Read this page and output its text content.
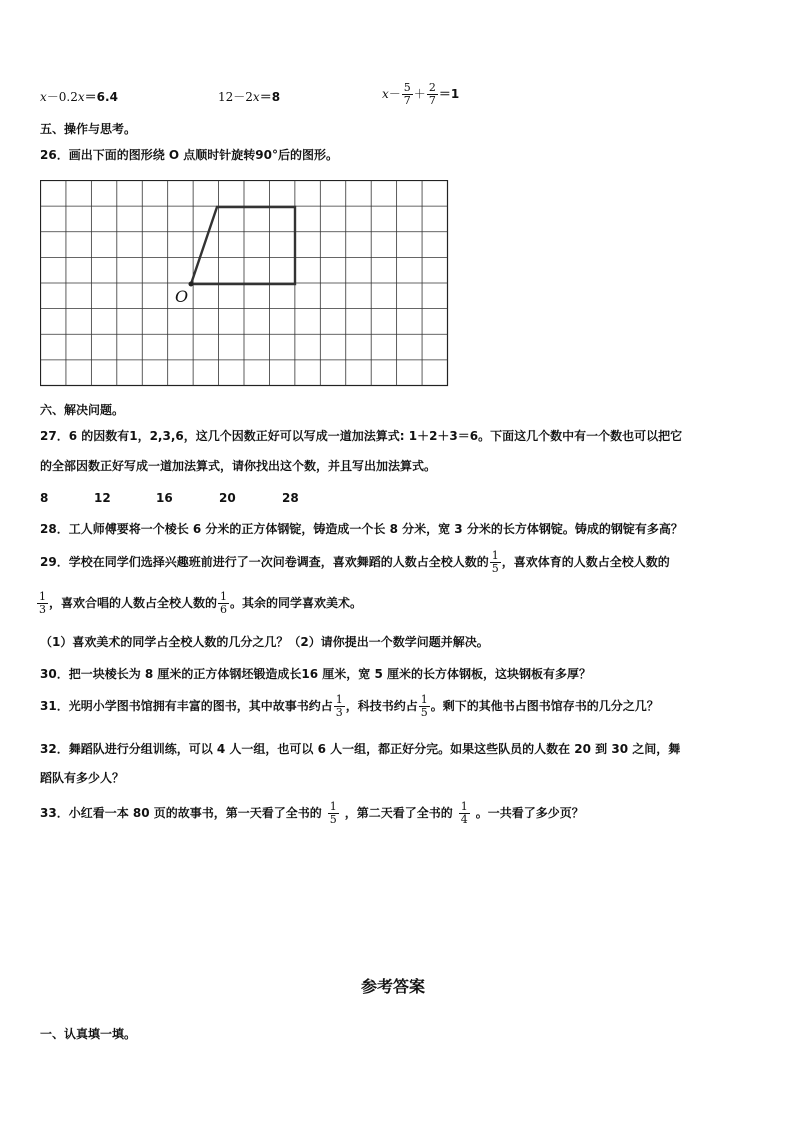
x－0.2x＝6.4	12－2x＝8	$x- \frac{5}{7} + \frac{2}{7} =1$
五、操作与思考。
26．画出下面的图形绕 O 点顺时针旋转90°后的图形。
O
六、解决问题。
27．6 的因数有1，2,3,6，这几个因数正好可以写成一道加法算式: 1＋2＋3＝6。下面这几个数中有一个数也可以把它
的全部因数正好写成一道加法算式，请你找出这个数，并且写出加法算式。
8	12	16	20	28
28．工人师傅要将一个棱长 6 分米的正方体钢锭，铸造成一个长 8 分米，宽 3 分米的长方体钢锭。铸成的钢锭有多高？
29．学校在同学们选择兴趣班前进行了一次问卷调查，喜欢舞蹈的人数占全校人数的 $\frac{1}{5}$ ，喜欢体育的人数占全校人数的
$\frac{1}{3}$ ，喜欢合唱的人数占全校人数的 $\frac{1}{6}$ 。其余的同学喜欢美术。
（1）喜欢美术的同学占全校人数的几分之几？（2）请你提出一个数学问题并解决。
30．把一块棱长为 8 厘米的正方体钢坯锻造成长16 厘米，宽 5 厘米的长方体钢板，这块钢板有多厚？
31．光明小学图书馆拥有丰富的图书，其中故事书约占 $\frac{1}{3}$ ，科技书约占 $\frac{1}{5}$ 。剩下的其他书占图书馆存书的几分之几？
32．舞蹈队进行分组训练，可以 4 人一组，也可以 6 人一组，都正好分完。如果这些队员的人数在 20 到 30 之间，舞
蹈队有多少人？
33．小红看一本 80 页的故事书，第一天看了全书的 $\frac{1}{5}$ ，第二天看了全书的 $\frac{1}{4}$ 。一共看了多少页？
参考答案
一、认真填一填。
